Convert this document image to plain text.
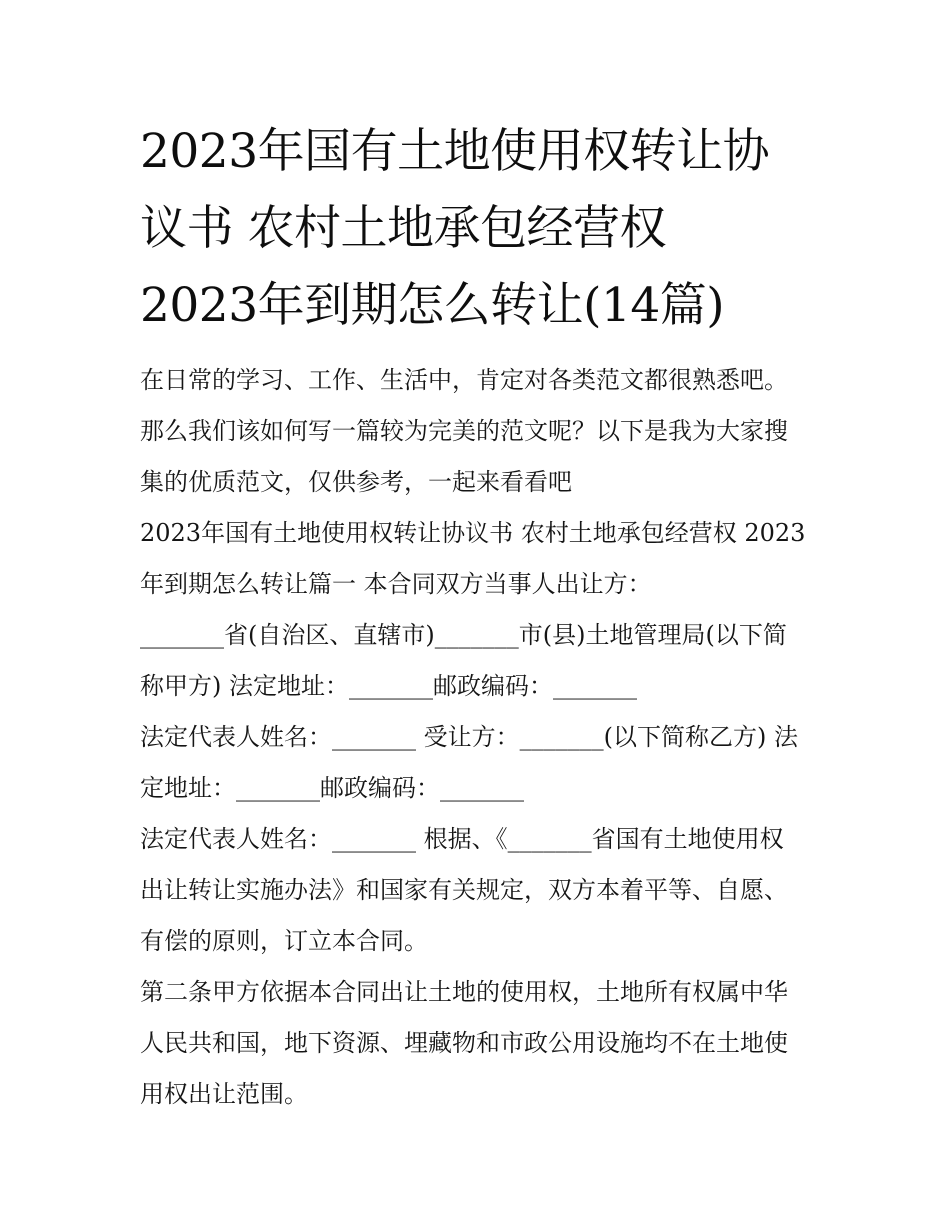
2023年国有土地使用权转让协
议书 农村土地承包经营权
2023年到期怎么转让(14篇)

在日常的学习、工作、生活中，肯定对各类范文都很熟悉吧。
那么我们该如何写一篇较为完美的范文呢？以下是我为大家搜
集的优质范文，仅供参考，一起来看看吧

2023年国有土地使用权转让协议书 农村土地承包经营权 2023
年到期怎么转让篇一 本合同双方当事人出让方：

_______省(自治区、直辖市)_______市(县)土地管理局(以下简
称甲方) 法定地址：_______邮政编码：_______

法定代表人姓名：_______ 受让方：_______(以下简称乙方) 法
定地址：_______邮政编码：_______

法定代表人姓名：_______ 根据、《_______省国有土地使用权
出让转让实施办法》和国家有关规定，双方本着平等、自愿、
有偿的原则，订立本合同。

第二条甲方依据本合同出让土地的使用权，土地所有权属中华
人民共和国，地下资源、埋藏物和市政公用设施均不在土地使
用权出让范围。
